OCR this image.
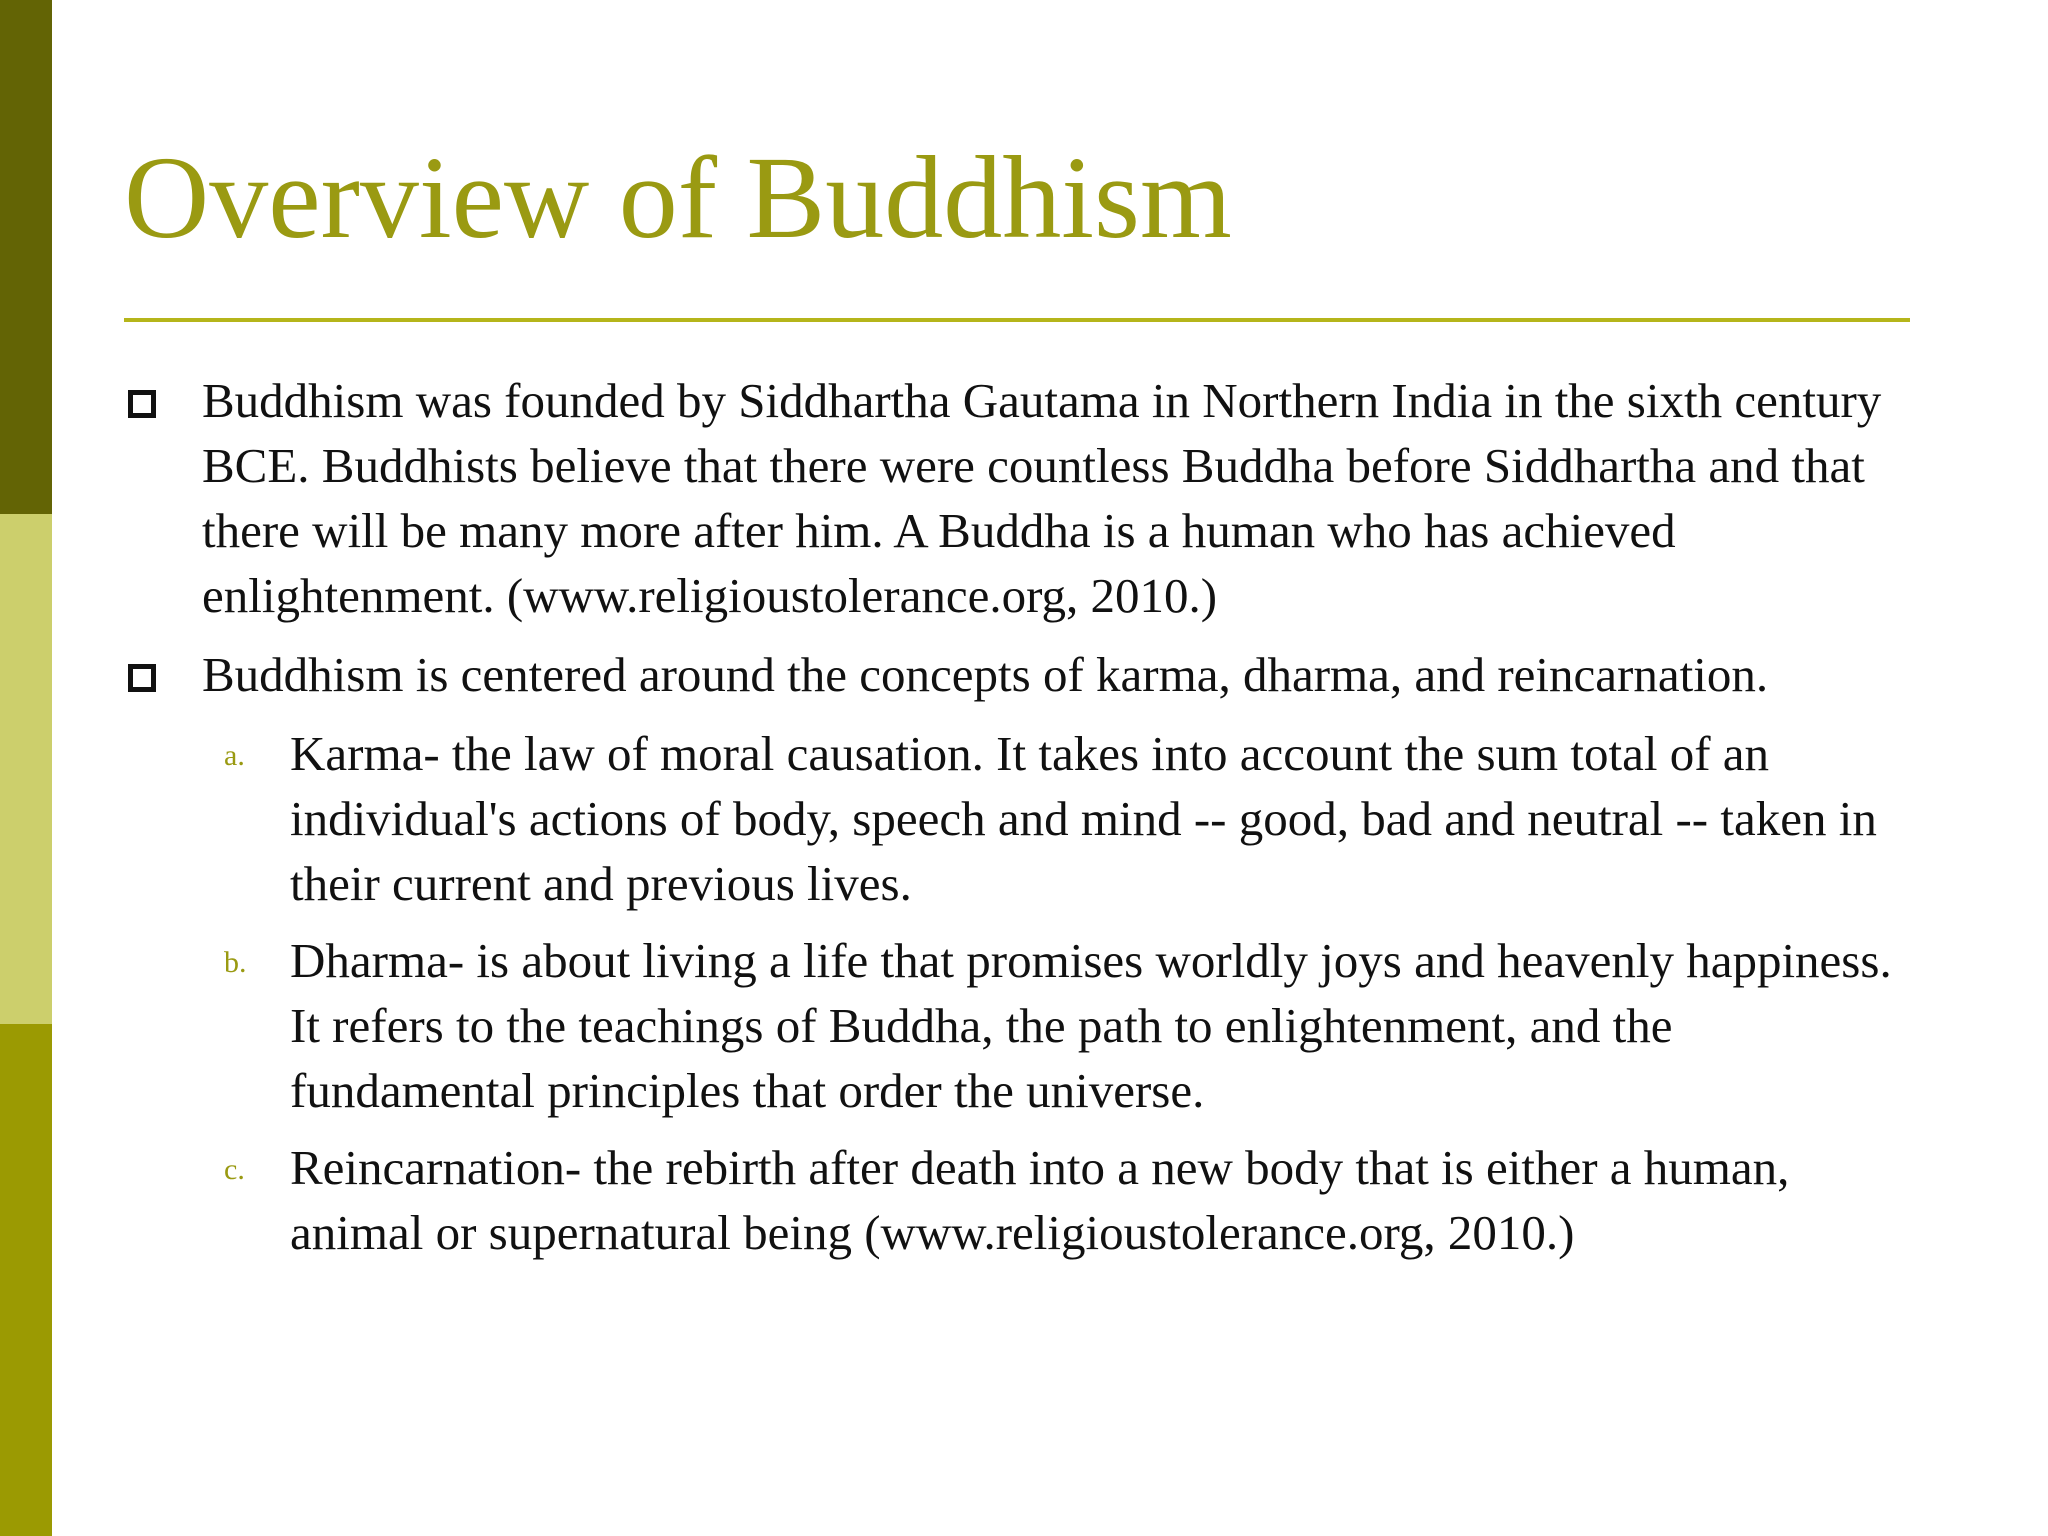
Overview of Buddhism
Buddhism was founded by Siddhartha Gautama in Northern India in the sixth century BCE. Buddhists believe that there were countless Buddha before Siddhartha and that there will be many more after him. A Buddha is a human who has achieved enlightenment. (www.religioustolerance.org, 2010.)
Buddhism is centered around the concepts of karma, dharma, and reincarnation.
a. Karma- the law of moral causation. It takes into account the sum total of an individual's actions of body, speech and mind -- good, bad and neutral -- taken in their current and previous lives.
b. Dharma- is about living a life that promises worldly joys and heavenly happiness. It refers to the teachings of Buddha, the path to enlightenment, and the fundamental principles that order the universe.
c. Reincarnation- the rebirth after death into a new body that is either a human, animal or supernatural being (www.religioustolerance.org, 2010.)
